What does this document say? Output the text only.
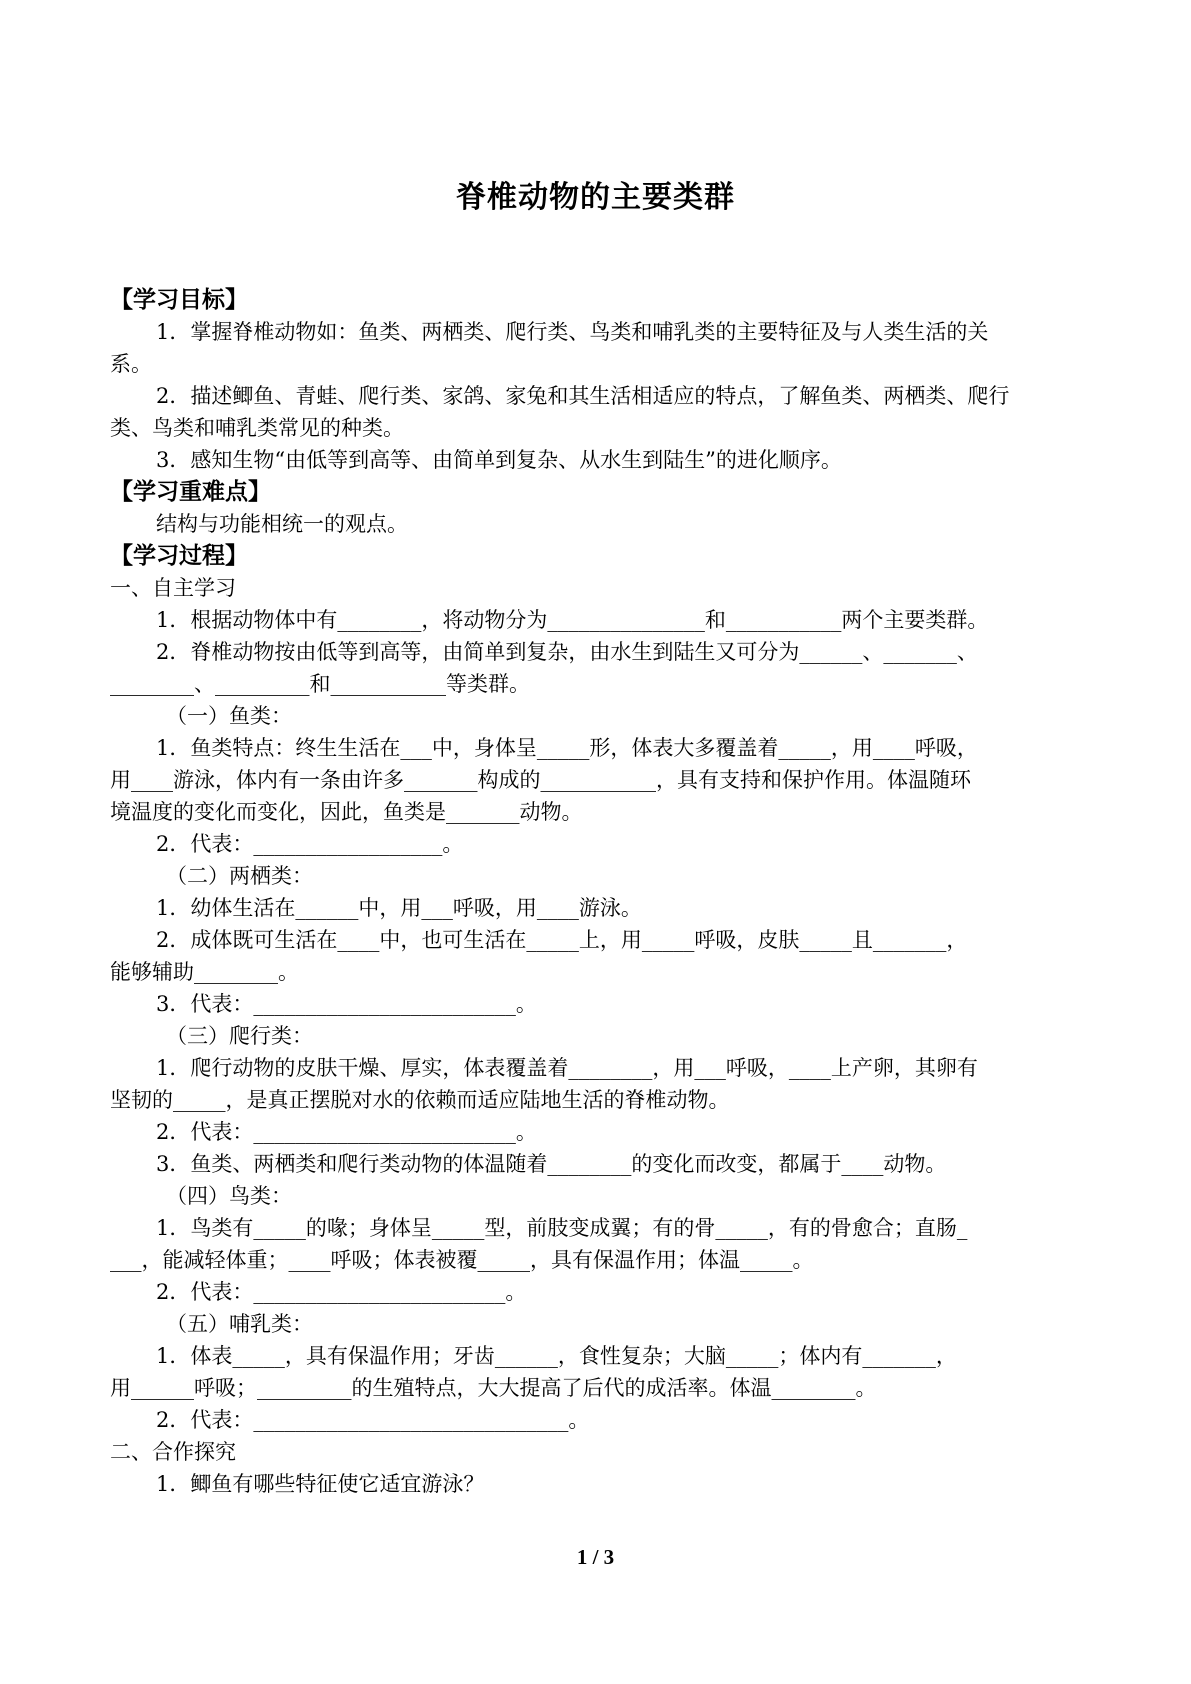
脊椎动物的主要类群
【学习目标】
1．掌握脊椎动物如：鱼类、两栖类、爬行类、鸟类和哺乳类的主要特征及与人类生活的关
系。
2．描述鲫鱼、青蛙、爬行类、家鸽、家兔和其生活相适应的特点，了解鱼类、两栖类、爬行
类、鸟类和哺乳类常见的种类。
3．感知生物“由低等到高等、由简单到复杂、从水生到陆生”的进化顺序。
【学习重难点】
结构与功能相统一的观点。
【学习过程】
一、自主学习
1．根据动物体中有________，将动物分为_______________和___________两个主要类群。
2．脊椎动物按由低等到高等，由简单到复杂，由水生到陆生又可分为______、_______、
________、_________和___________等类群。
（一）鱼类：
1．鱼类特点：终生生活在___中，身体呈_____形，体表大多覆盖着_____，用____呼吸，
用____游泳，体内有一条由许多_______构成的___________，具有支持和保护作用。体温随环
境温度的变化而变化，因此，鱼类是_______动物。
2．代表：__________________。
（二）两栖类：
1．幼体生活在______中，用___呼吸，用____游泳。
2．成体既可生活在____中，也可生活在_____上，用_____呼吸，皮肤_____且_______，
能够辅助________。
3．代表：_________________________。
（三）爬行类：
1．爬行动物的皮肤干燥、厚实，体表覆盖着________，用___呼吸，____上产卵，其卵有
坚韧的_____，是真正摆脱对水的依赖而适应陆地生活的脊椎动物。
2．代表：_________________________。
3．鱼类、两栖类和爬行类动物的体温随着________的变化而改变，都属于____动物。
（四）鸟类：
1．鸟类有_____的喙；身体呈_____型，前肢变成翼；有的骨_____，有的骨愈合；直肠_
___，能减轻体重；____呼吸；体表被覆_____，具有保温作用；体温_____。
2．代表：________________________。
（五）哺乳类：
1．体表_____，具有保温作用；牙齿______，食性复杂；大脑_____；体内有_______，
用______呼吸；_________的生殖特点，大大提高了后代的成活率。体温________。
2．代表：______________________________。
二、合作探究
1．鲫鱼有哪些特征使它适宜游泳？
1 / 3
